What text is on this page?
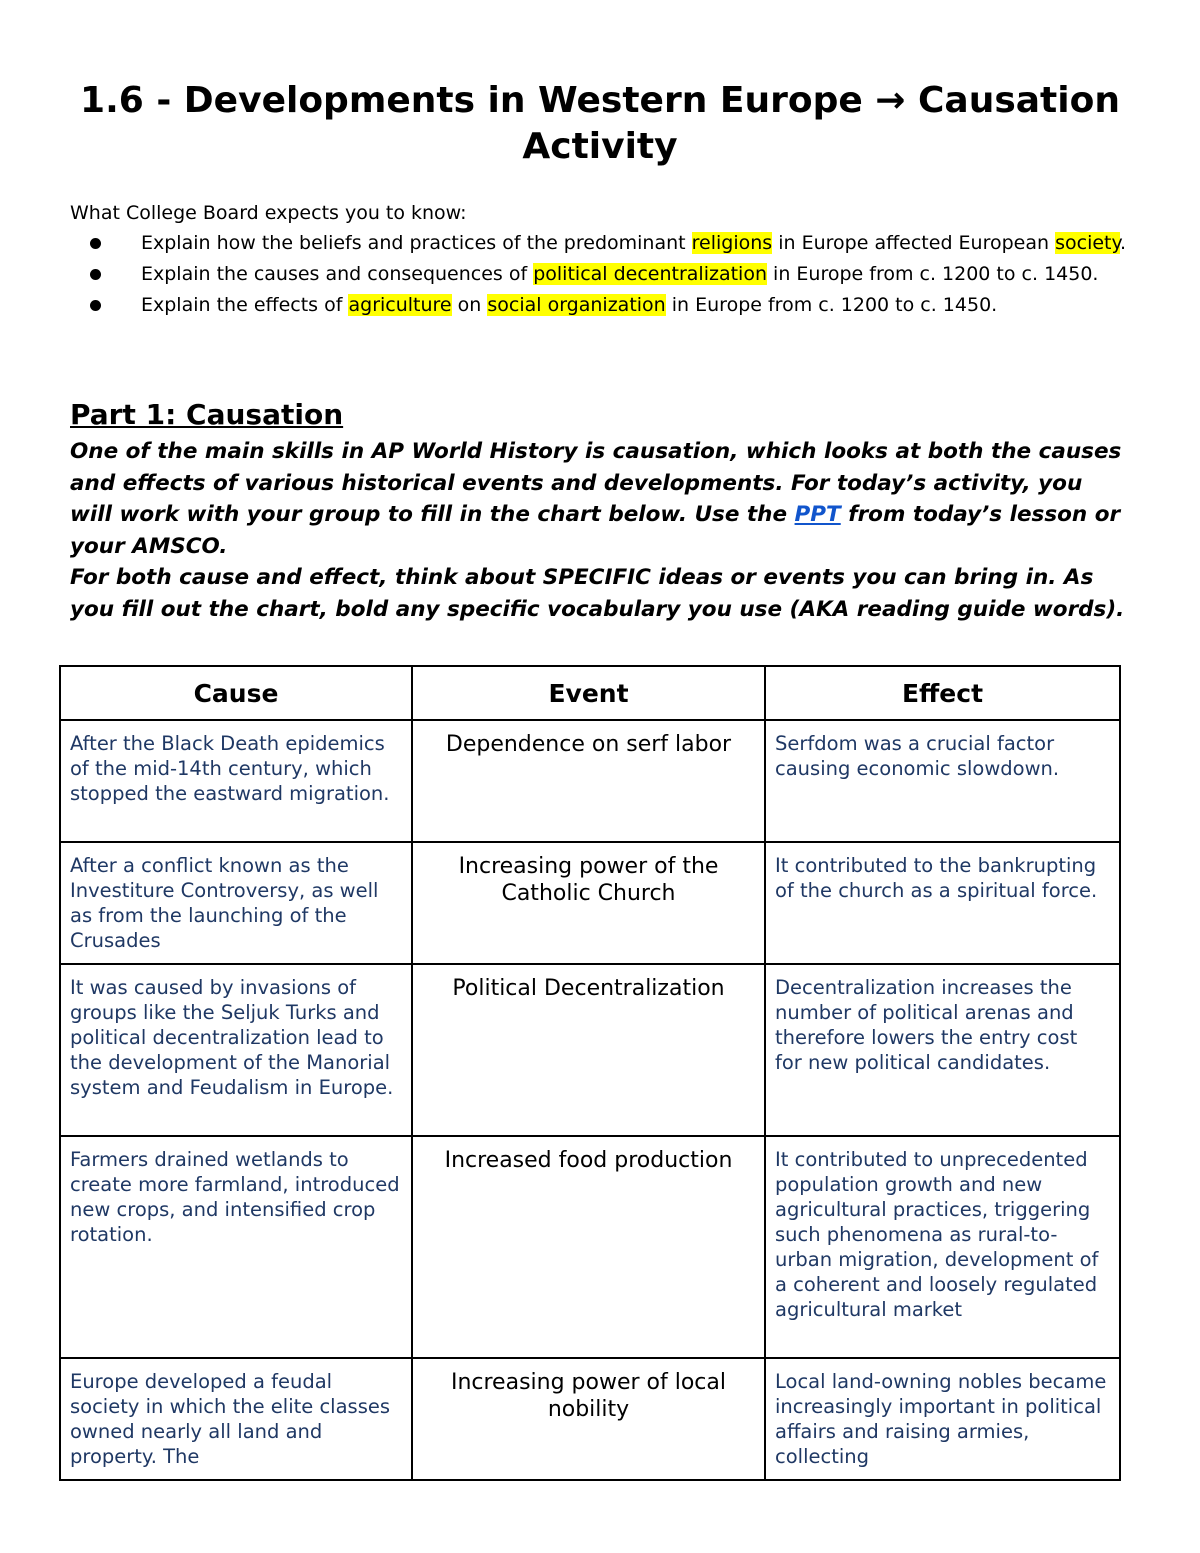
1.6 - Developments in Western Europe → Causation Activity
What College Board expects you to know:
Explain how the beliefs and practices of the predominant religions in Europe affected European society.
Explain the causes and consequences of political decentralization in Europe from c. 1200 to c. 1450.
Explain the effects of agriculture on social organization in Europe from c. 1200 to c. 1450.
Part 1: Causation

One of the main skills in AP World History is causation, which looks at both the causes and effects of various historical events and developments. For today’s activity, you will work with your group to fill in the chart below. Use the PPT from today’s lesson or your AMSCO.

For both cause and effect, think about SPECIFIC ideas or events you can bring in. As you fill out the chart, bold any specific vocabulary you use (AKA reading guide words).

Cause	Event	Effect
After the Black Death epidemics of the mid-14th century, which stopped the eastward migration.	Dependence on serf labor	Serfdom was a crucial factor causing economic slowdown.
After a conflict known as the Investiture Controversy, as well as from the launching of the Crusades	Increasing power of the Catholic Church	It contributed to the bankrupting of the church as a spiritual force.
It was caused by invasions of groups like the Seljuk Turks and political decentralization lead to the development of the Manorial system and Feudalism in Europe.	Political Decentralization	Decentralization increases the number of political arenas and therefore lowers the entry cost for new political candidates.
Farmers drained wetlands to create more farmland, introduced new crops, and intensified crop rotation.	Increased food production	It contributed to unprecedented population growth and new agricultural practices, triggering such phenomena as rural-to-urban migration, development of a coherent and loosely regulated agricultural market
Europe developed a feudal society in which the elite classes owned nearly all land and property. The	Increasing power of local nobility	Local land-owning nobles became increasingly important in political affairs and raising armies, collecting
